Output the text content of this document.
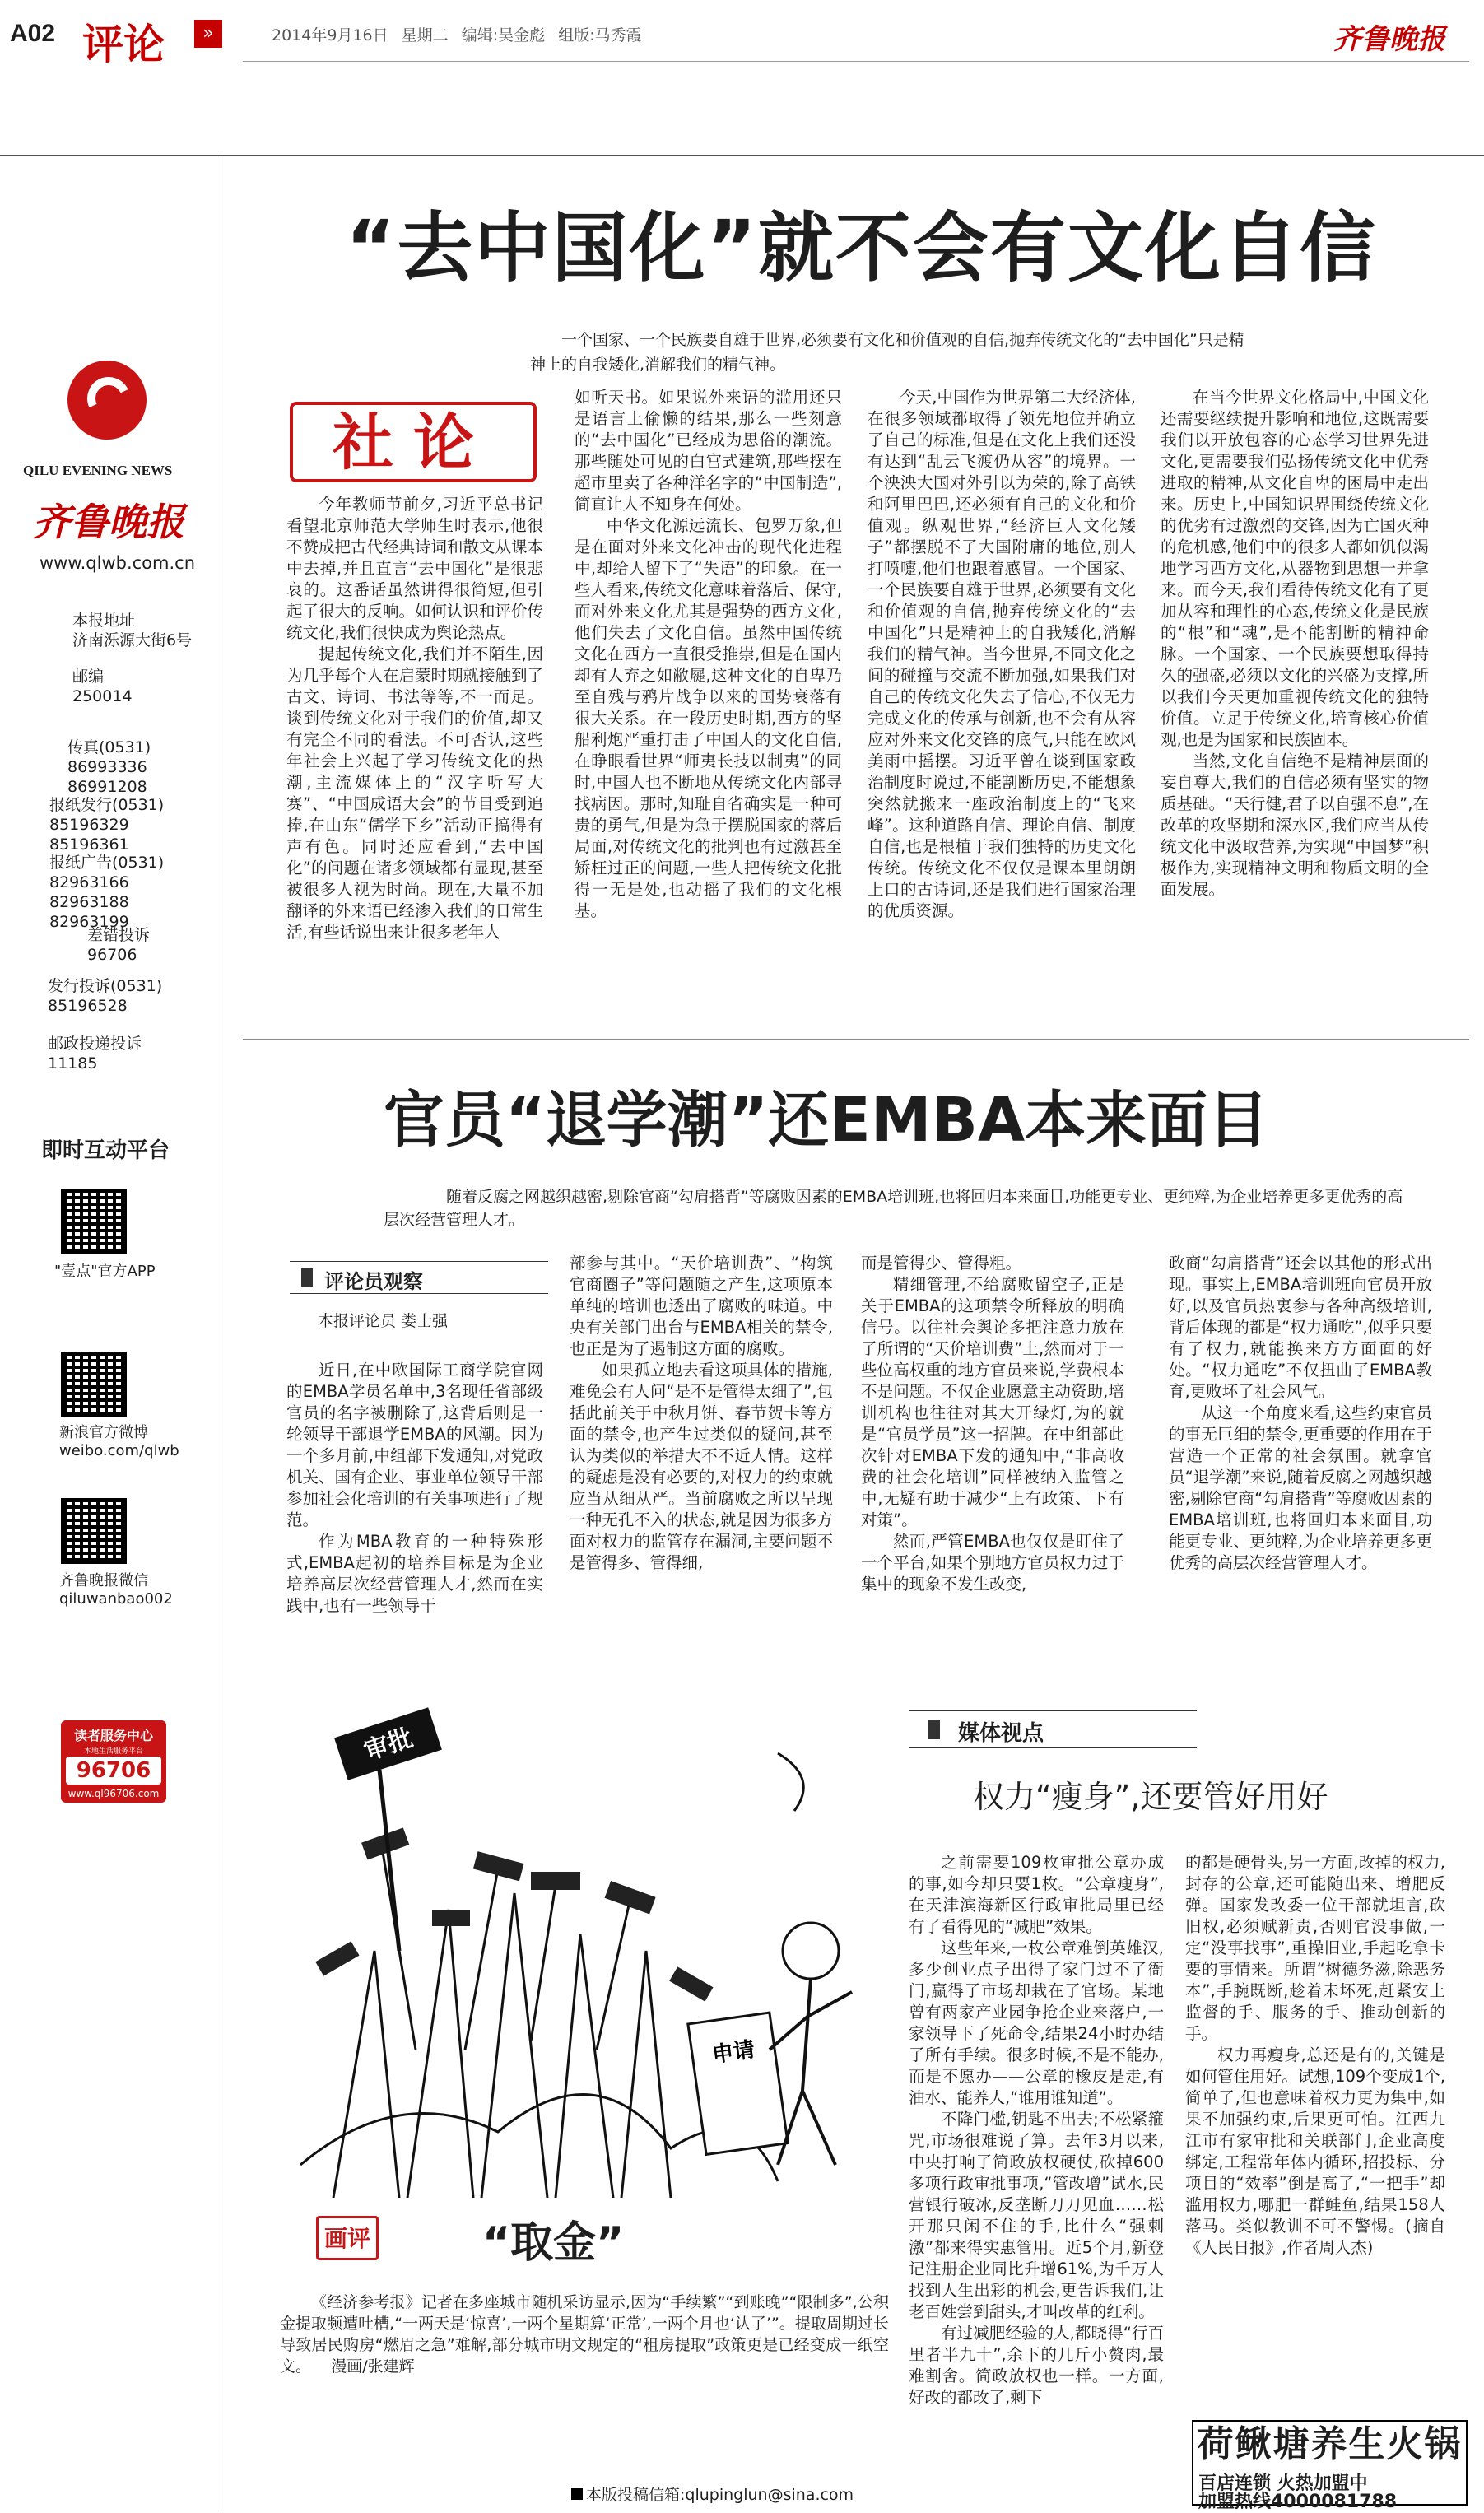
A02 评论	»	2014年9月16日 星期二 编辑:吴金彪 组版:马秀霞	齐鲁晚报
QILU EVENING NEWS
齐鲁晚报
www.qlwb.com.cn
本报地址
济南泺源大街6号
邮编
250014
传真(0531)
86993336 86991208
报纸发行(0531)
85196329 85196361
报纸广告(0531)
82963166 82963188
82963199
差错投诉
96706
发行投诉(0531)
85196528
邮政投递投诉
11185
即时互动平台
"壹点"官方APP
新浪官方微博
weibo.com/qlwb
齐鲁晚报微信
qiluwanbao002
读者服务中心
本地生活服务平台
96706
www.ql96706.com
“去中国化”就不会有文化自信
一个国家、一个民族要自雄于世界,必须要有文化和价值观的自信,抛弃传统文化的“去中国化”只是精神上的自我矮化,消解我们的精气神。
社论

今年教师节前夕,习近平总书记看望北京师范大学师生时表示,他很不赞成把古代经典诗词和散文从课本中去掉,并且直言“去中国化”是很悲哀的。这番话虽然讲得很简短,但引起了很大的反响。如何认识和评价传统文化,我们很快成为舆论热点。

提起传统文化,我们并不陌生,因为几乎每个人在启蒙时期就接触到了古文、诗词、书法等等,不一而足。谈到传统文化对于我们的价值,却又有完全不同的看法。不可否认,这些年社会上兴起了学习传统文化的热潮,主流媒体上的“汉字听写大赛”、“中国成语大会”的节目受到追捧,在山东“儒学下乡”活动正搞得有声有色。同时还应看到,“去中国化”的问题在诸多领域都有显现,甚至被很多人视为时尚。现在,大量不加翻译的外来语已经渗入我们的日常生活,有些话说出来让很多老年人

如听天书。如果说外来语的滥用还只是语言上偷懒的结果,那么一些刻意的“去中国化”已经成为思俗的潮流。那些随处可见的白宫式建筑,那些摆在超市里卖了各种洋名字的“中国制造”,简直让人不知身在何处。

中华文化源远流长、包罗万象,但是在面对外来文化冲击的现代化进程中,却给人留下了“失语”的印象。在一些人看来,传统文化意味着落后、保守,而对外来文化尤其是强势的西方文化,他们失去了文化自信。虽然中国传统文化在西方一直很受推崇,但是在国内却有人弃之如敝屣,这种文化的自卑乃至自残与鸦片战争以来的国势衰落有很大关系。在一段历史时期,西方的坚船利炮严重打击了中国人的文化自信,在睁眼看世界“师夷长技以制夷”的同时,中国人也不断地从传统文化内部寻找病因。那时,知耻自省确实是一种可贵的勇气,但是为急于摆脱国家的落后局面,对传统文化的批判也有过激甚至矫枉过正的问题,一些人把传统文化批得一无是处,也动摇了我们的文化根基。

今天,中国作为世界第二大经济体,在很多领域都取得了领先地位并确立了自己的标准,但是在文化上我们还没有达到“乱云飞渡仍从容”的境界。一个泱泱大国对外引以为荣的,除了高铁和阿里巴巴,还必须有自己的文化和价值观。纵观世界,“经济巨人文化矮子”都摆脱不了大国附庸的地位,别人打喷嚏,他们也跟着感冒。一个国家、一个民族要自雄于世界,必须要有文化和价值观的自信,抛弃传统文化的“去中国化”只是精神上的自我矮化,消解我们的精气神。当今世界,不同文化之间的碰撞与交流不断加强,如果我们对自己的传统文化失去了信心,不仅无力完成文化的传承与创新,也不会有从容应对外来文化交锋的底气,只能在欧风美雨中摇摆。习近平曾在谈到国家政治制度时说过,不能割断历史,不能想象突然就搬来一座政治制度上的“飞来峰”。这种道路自信、理论自信、制度自信,也是根植于我们独特的历史文化传统。传统文化不仅仅是课本里朗朗上口的古诗词,还是我们进行国家治理的优质资源。

在当今世界文化格局中,中国文化还需要继续提升影响和地位,这既需要我们以开放包容的心态学习世界先进文化,更需要我们弘扬传统文化中优秀进取的精神,从文化自卑的困局中走出来。历史上,中国知识界围绕传统文化的优劣有过激烈的交锋,因为亡国灭种的危机感,他们中的很多人都如饥似渴地学习西方文化,从器物到思想一并拿来。而今天,我们看待传统文化有了更加从容和理性的心态,传统文化是民族的“根”和“魂”,是不能割断的精神命脉。一个国家、一个民族要想取得持久的强盛,必须以文化的兴盛为支撑,所以我们今天更加重视传统文化的独特价值。立足于传统文化,培育核心价值观,也是为国家和民族固本。

当然,文化自信绝不是精神层面的妄自尊大,我们的自信必须有坚实的物质基础。“天行健,君子以自强不息”,在改革的攻坚期和深水区,我们应当从传统文化中汲取营养,为实现“中国梦”积极作为,实现精神文明和物质文明的全面发展。

官员“退学潮”还EMBA本来面目
随着反腐之网越织越密,剔除官商“勾肩搭背”等腐败因素的EMBA培训班,也将回归本来面目,功能更专业、更纯粹,为企业培养更多更优秀的高层次经营管理人才。
评论员观察
本报评论员 娄士强

近日,在中欧国际工商学院官网的EMBA学员名单中,3名现任省部级官员的名字被删除了,这背后则是一轮领导干部退学EMBA的风潮。因为一个多月前,中组部下发通知,对党政机关、国有企业、事业单位领导干部参加社会化培训的有关事项进行了规范。

作为MBA教育的一种特殊形式,EMBA起初的培养目标是为企业培养高层次经营管理人才,然而在实践中,也有一些领导干

部参与其中。“天价培训费”、“构筑官商圈子”等问题随之产生,这项原本单纯的培训也透出了腐败的味道。中央有关部门出台与EMBA相关的禁令,也正是为了遏制这方面的腐败。

如果孤立地去看这项具体的措施,难免会有人问“是不是管得太细了”,包括此前关于中秋月饼、春节贺卡等方面的禁令,也产生过类似的疑问,甚至认为类似的举措大不不近人情。这样的疑虑是没有必要的,对权力的约束就应当从细从严。当前腐败之所以呈现一种无孔不入的状态,就是因为很多方面对权力的监管存在漏洞,主要问题不是管得多、管得细,

而是管得少、管得粗。

精细管理,不给腐败留空子,正是关于EMBA的这项禁令所释放的明确信号。以往社会舆论多把注意力放在了所谓的“天价培训费”上,然而对于一些位高权重的地方官员来说,学费根本不是问题。不仅企业愿意主动资助,培训机构也往往对其大开绿灯,为的就是“官员学员”这一招牌。在中组部此次针对EMBA下发的通知中,“非高收费的社会化培训”同样被纳入监管之中,无疑有助于减少“上有政策、下有对策”。

然而,严管EMBA也仅仅是盯住了一个平台,如果个别地方官员权力过于集中的现象不发生改变,

政商“勾肩搭背”还会以其他的形式出现。事实上,EMBA培训班向官员开放好,以及官员热衷参与各种高级培训,背后体现的都是“权力通吃”,似乎只要有了权力,就能换来方方面面的好处。“权力通吃”不仅扭曲了EMBA教育,更败坏了社会风气。

从这一个角度来看,这些约束官员的事无巨细的禁令,更重要的作用在于营造一个正常的社会氛围。就拿官员“退学潮”来说,随着反腐之网越织越密,剔除官商“勾肩搭背”等腐败因素的EMBA培训班,也将回归本来面目,功能更专业、更纯粹,为企业培养更多更优秀的高层次经营管理人才。

审批
申请
画评	“取金”
《经济参考报》记者在多座城市随机采访显示,因为“手续繁”“到账晚”“限制多”,公积金提取频遭吐槽,“一两天是‘惊喜’,一两个星期算‘正常’,一两个月也‘认了’”。提取周期过长导致居民购房“燃眉之急”难解,部分城市明文规定的“租房提取”政策更是已经变成一纸空文。 漫画/张建辉
媒体视点
权力“瘦身”,还要管好用好

之前需要109枚审批公章办成的事,如今却只要1枚。“公章瘦身”,在天津滨海新区行政审批局里已经有了看得见的“减肥”效果。

这些年来,一枚公章难倒英雄汉,多少创业点子出得了家门过不了衙门,赢得了市场却栽在了官场。某地曾有两家产业园争抢企业来落户,一家领导下了死命令,结果24小时办结了所有手续。很多时候,不是不能办,而是不愿办——公章的橡皮是走,有油水、能养人,“谁用谁知道”。

不降门槛,钥匙不出去;不松紧箍咒,市场很难说了算。去年3月以来,中央打响了简政放权硬仗,砍掉600多项行政审批事项,“管改增”试水,民营银行破冰,反垄断刀刀见血……松开那只闲不住的手,比什么“强刺激”都来得实惠管用。近5个月,新登记注册企业同比升增61%,为千万人找到人生出彩的机会,更告诉我们,让老百姓尝到甜头,才叫改革的红利。

有过减肥经验的人,都晓得“行百里者半九十”,余下的几斤小赘肉,最难割舍。简政放权也一样。一方面,好改的都改了,剩下

的都是硬骨头,另一方面,改掉的权力,封存的公章,还可能随出来、增肥反弹。国家发改委一位干部就坦言,砍旧权,必须赋新责,否则官没事做,一定“没事找事”,重操旧业,手起吃拿卡要的事情来。所谓“树德务滋,除恶务本”,手腕既断,趁着未坏死,赶紧安上监督的手、服务的手、推动创新的手。

权力再瘦身,总还是有的,关键是如何管住用好。试想,109个变成1个,简单了,但也意味着权力更为集中,如果不加强约束,后果更可怕。江西九江市有家审批和关联部门,企业高度绑定,工程常年体内循环,招投标、分项目的“效率”倒是高了,“一把手”却滥用权力,哪肥一群鲑鱼,结果158人落马。类似教训不可不警惕。(摘自《人民日报》,作者周人杰)

荷鳅塘养生火锅
百店连锁 火热加盟中
加盟热线4000081788
本版投稿信箱:qlupinglun@sina.com
